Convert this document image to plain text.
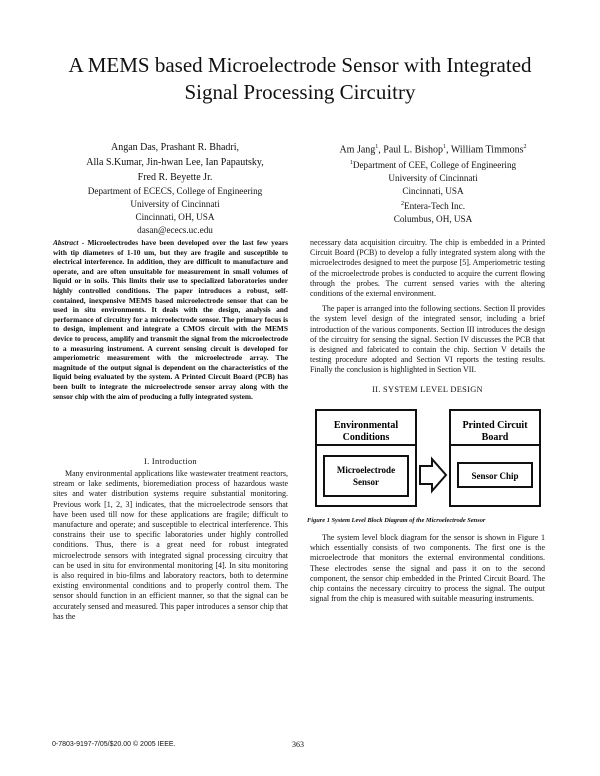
A MEMS based Microelectrode Sensor with Integrated
Signal Processing Circuitry
Angan Das, Prashant R. Bhadri,
Alla S.Kumar, Jin-hwan Lee, Ian Papautsky,
Fred R. Beyette Jr.
Department of ECECS, College of Engineering
University of Cincinnati
Cincinnati, OH, USA
dasan@ececs.uc.edu
Am Jang$^1$, Paul L. Bishop$^1$, William Timmons$^2$
$^1$Department of CEE, College of Engineering
University of Cincinnati
Cincinnati, USA
$^2$Entera-Tech Inc.
Columbus, OH, USA

Abstract - Microelectrodes have been developed over the last few years with tip diameters of 1-10 um, but they are fragile and susceptible to electrical interference. In addition, they are difficult to manufacture and operate, and are often unsuitable for measurement in small volumes of liquid or in soils. This limits their use to specialized laboratories under highly controlled conditions. The paper introduces a robust, self-contained, inexpensive MEMS based microelectrode sensor that can be used in situ environments. It deals with the design, analysis and performance of circuitry for a microelectrode sensor. The primary focus is to design, implement and integrate a CMOS circuit with the MEMS device to process, amplify and transmit the signal from the microelectrode to a measuring instrument. A current sensing circuit is developed for amperiometric measurement with the microelectrode array. The magnitude of the output signal is dependent on the characteristics of the liquid being evaluated by the system. A Printed Circuit Board (PCB) has been built to integrate the microelectrode sensor array along with the sensor chip with the aim of producing a fully integrated system.

I. Introduction

Many environmental applications like wastewater treatment reactors, stream or lake sediments, bioremediation process of hazardous waste sites and water distribution systems require substantial monitoring. Previous work [1, 2, 3] indicates, that the microelectrode sensors that have been used till now for these applications are fragile; difficult to manufacture and operate; and susceptible to electrical interference. This constrains their use to specific laboratories under highly controlled conditions. Thus, there is a great need for robust integrated microelectrode sensors with integrated signal processing circuitry that can be used in situ for environmental monitoring [4]. In situ monitoring is also required in bio-films and laboratory reactors, both to determine existing environmental conditions and to properly control them. The sensor should function in an efficient manner, so that the signal can be accurately sensed and measured. This paper introduces a sensor chip that has the

necessary data acquisition circuitry. The chip is embedded in a Printed Circuit Board (PCB) to develop a fully integrated system along with the microelectrodes designed to meet the purpose [5]. Amperiometric testing of the microelectrode probes is conducted to acquire the current flowing through the probes. The current sensed varies with the altering conditions of the external environment.

The paper is arranged into the following sections. Section II provides the system level design of the integrated sensor, including a brief introduction of the various components. Section III introduces the design of the circuitry for sensing the signal. Section IV discusses the PCB that is designed and fabricated to contain the chip. Section V details the testing procedure adopted and Section VI reports the testing results. Finally the conclusion is highlighted in Section VII.

II. SYSTEM LEVEL DESIGN
Environmental
Conditions
Microelectrode
Sensor
Printed Circuit
Board
Sensor Chip
Figure 1 System Level Block Diagram of the Microelectrode Sensor

The system level block diagram for the sensor is shown in Figure 1 which essentially consists of two components. The first one is the microelectrode that monitors the external environmental conditions. These electrodes sense the signal and pass it on to the second component, the sensor chip embedded in the Printed Circuit Board. The chip contains the necessary circuitry to process the signal. The output signal from the chip is measured with suitable measuring instruments.

0-7803-9197-7/05/$20.00 © 2005 IEEE.	363
